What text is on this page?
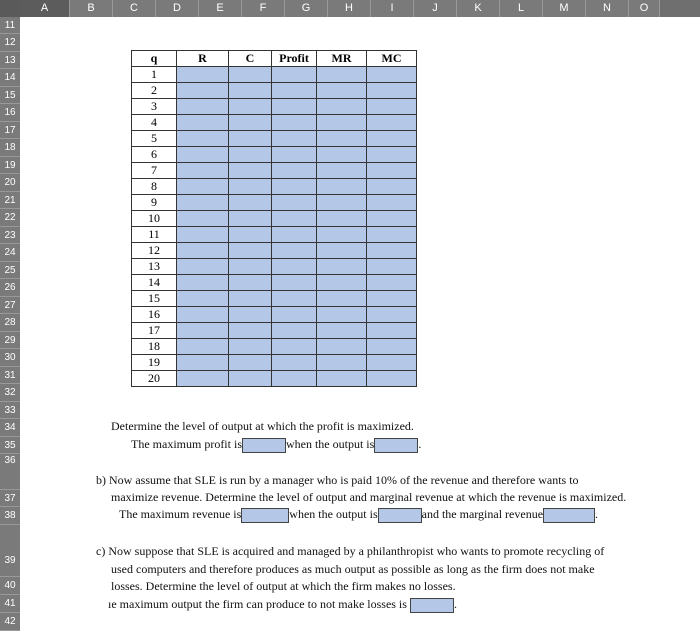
A	B	C	D	E	F	G	H	I	J	K	L	M	N	O
11
12
13
14
15
16
17
18
19
20
21
22
23
24
25
26
27
28
29
30
31
32
33
34
35
36
37
38
39
40
41
42
q	R	C	Profit	MR	MC
1					
2					
3					
4					
5					
6					
7					
8					
9					
10					
11					
12					
13					
14					
15					
16					
17					
18					
19					
20					
Determine the level of output at which the profit is maximized.
The maximum profit is	when the output is	.
b) Now assume that SLE is run by a manager who is paid 10% of the revenue and therefore wants to
maximize revenue. Determine the level of output and marginal revenue at which the revenue is maximized.
The maximum revenue is	when the output is	and the marginal revenue	.
c) Now suppose that SLE is acquired and managed by a philanthropist who wants to promote recycling of
used computers and therefore produces as much output as possible as long as the firm does not make
losses. Determine the level of output at which the firm makes no losses.
ıe maximum output the firm can produce to not make losses is	.
